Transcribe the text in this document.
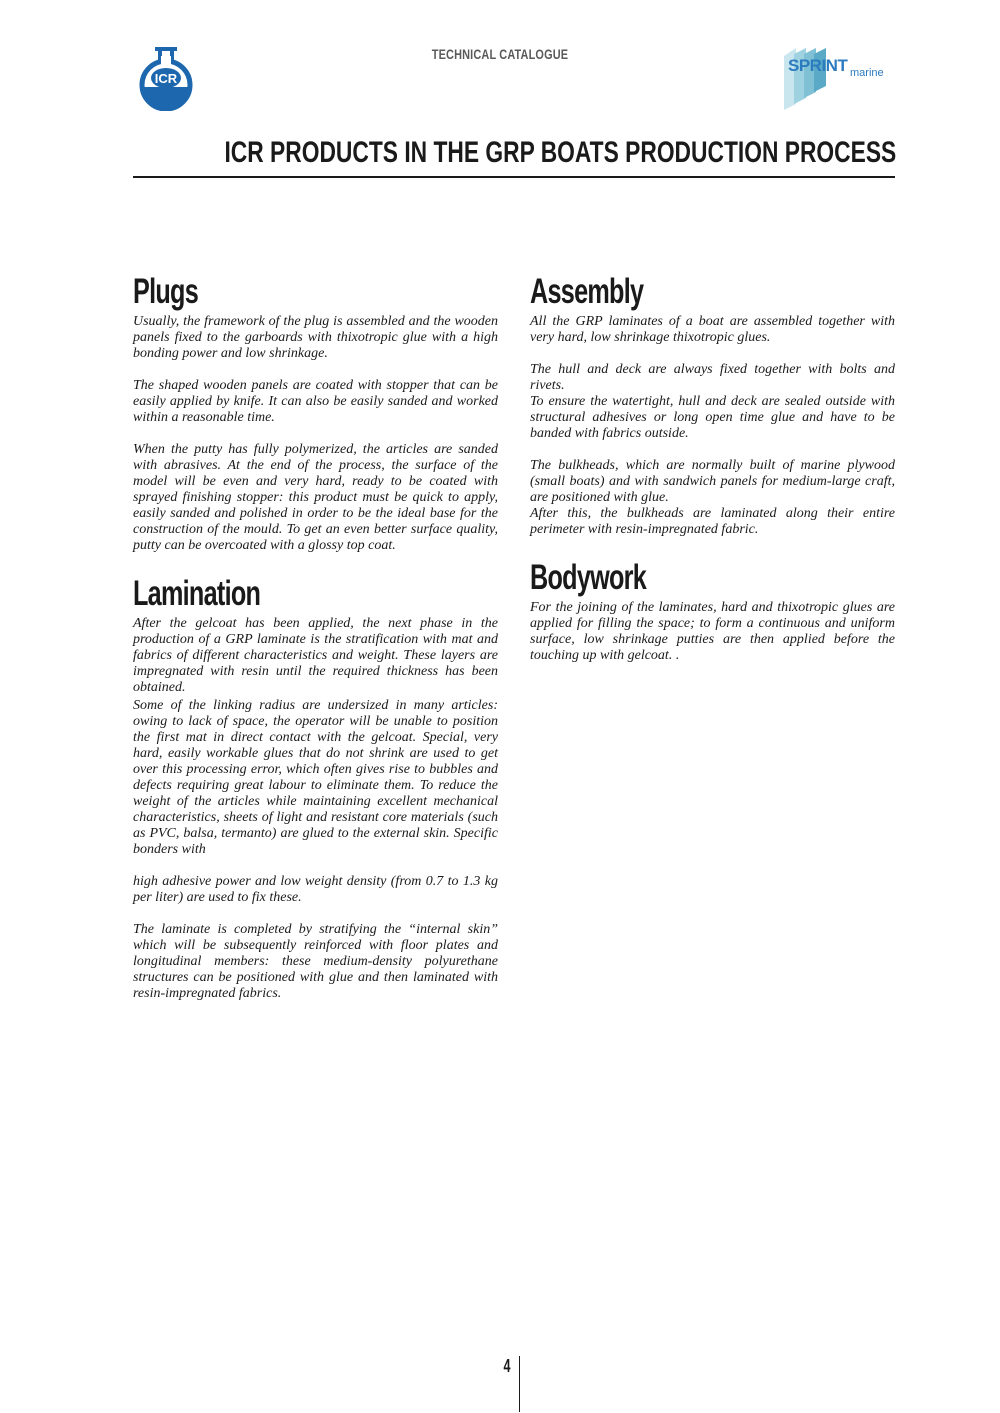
ICR
TECHNICAL CATALOGUE
SPRINT marine
ICR PRODUCTS IN THE GRP BOATS PRODUCTION PROCESS
Plugs

Usually, the framework of the plug is assembled and the wooden panels fixed to the garboards with thixotropic glue with a high bonding power and low shrinkage.

The shaped wooden panels are coated with stopper that can be easily applied by knife. It can also be easily sanded and worked within a reasonable time.

When the putty has fully polymerized, the articles are sanded with abrasives. At the end of the process, the surface of the model will be even and very hard, ready to be coated with sprayed finishing stopper: this product must be quick to apply, easily sanded and polished in order to be the ideal base for the construction of the mould. To get an even better surface quality, putty can be overcoated with a glossy top coat.

Lamination

After the gelcoat has been applied, the next phase in the production of a GRP laminate is the stratification with mat and fabrics of different characteristics and weight. These layers are impregnated with resin until the required thickness has been obtained.

Some of the linking radius are undersized in many articles: owing to lack of space, the operator will be unable to position the first mat in direct contact with the gelcoat. Special, very hard, easily workable glues that do not shrink are used to get over this processing error, which often gives rise to bubbles and defects requiring great labour to eliminate them. To reduce the weight of the articles while maintaining excellent mechanical characteristics, sheets of light and resistant core materials (such as PVC, balsa, termanto) are glued to the external skin. Specific bonders with

high adhesive power and low weight density (from 0.7 to 1.3 kg per liter) are used to fix these.

The laminate is completed by stratifying the “internal skin” which will be subsequently reinforced with floor plates and longitudinal members: these medium-density polyurethane structures can be positioned with glue and then laminated with resin-impregnated fabrics.

Assembly

All the GRP laminates of a boat are assembled together with very hard, low shrinkage thixotropic glues.

The hull and deck are always fixed together with bolts and rivets.

To ensure the watertight, hull and deck are sealed outside with structural adhesives or long open time glue and have to be banded with fabrics outside.

The bulkheads, which are normally built of marine plywood (small boats) and with sandwich panels for medium-large craft, are positioned with glue.

After this, the bulkheads are laminated along their entire perimeter with resin-impregnated fabric.

Bodywork

For the joining of the laminates, hard and thixotropic glues are applied for filling the space; to form a continuous and uniform surface, low shrinkage putties are then applied before the touching up with gelcoat. .

4
